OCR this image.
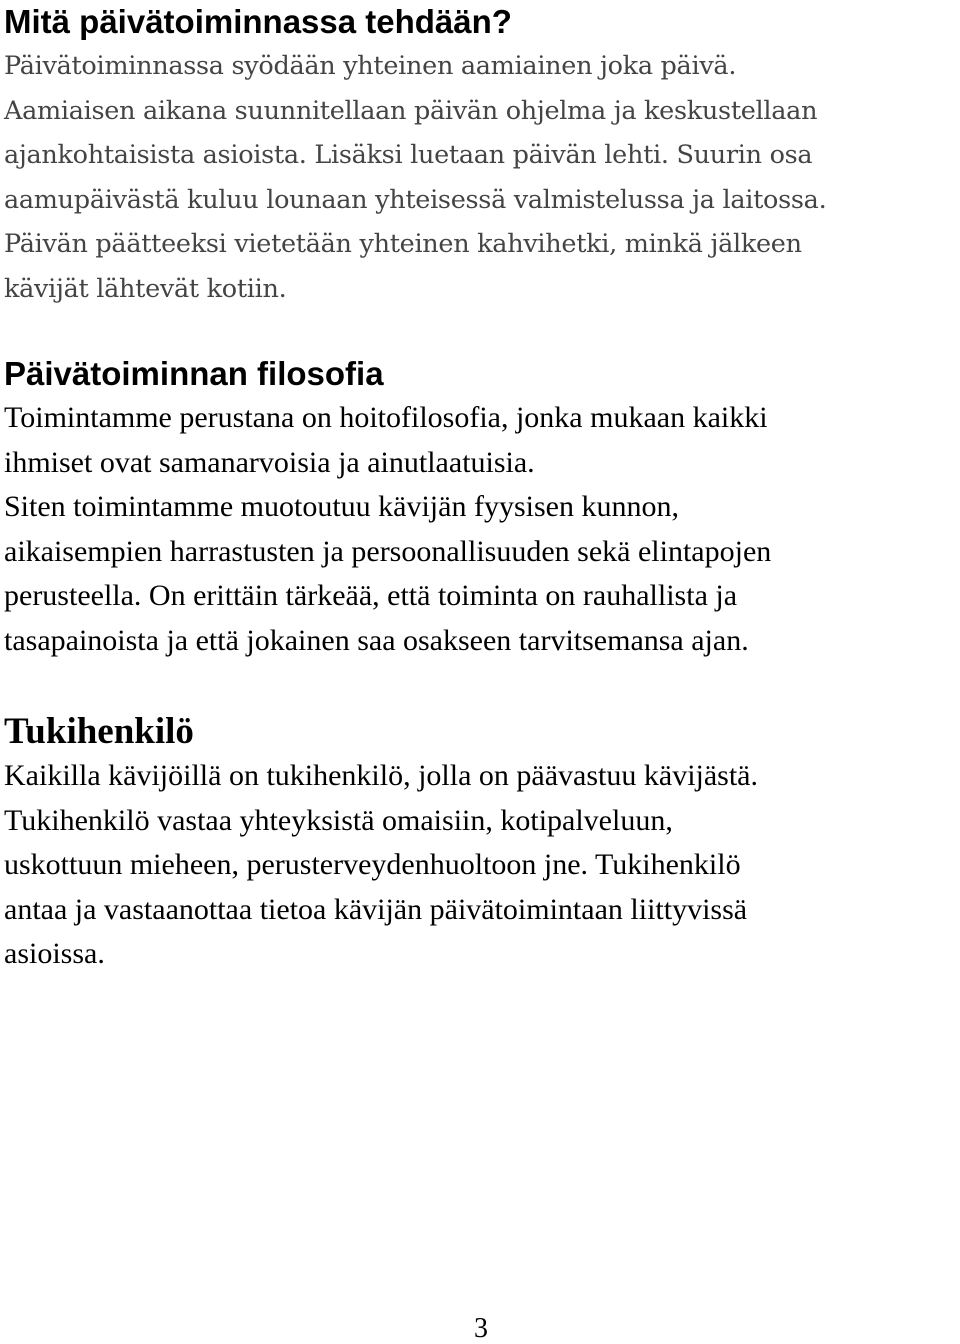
Mitä päivätoiminnassa tehdään?

Päivätoiminnassa syödään yhteinen aamiainen joka päivä.
Aamiaisen aikana suunnitellaan päivän ohjelma ja keskustellaan
ajankohtaisista asioista. Lisäksi luetaan päivän lehti. Suurin osa
aamupäivästä kuluu lounaan yhteisessä valmistelussa ja laitossa.
Päivän päätteeksi vietetään yhteinen kahvihetki, minkä jälkeen
kävijät lähtevät kotiin.

Päivätoiminnan filosofia

Toimintamme perustana on hoitofilosofia, jonka mukaan kaikki
ihmiset ovat samanarvoisia ja ainutlaatuisia.
Siten toimintamme muotoutuu kävijän fyysisen kunnon,
aikaisempien harrastusten ja persoonallisuuden sekä elintapojen
perusteella. On erittäin tärkeää, että toiminta on rauhallista ja
tasapainoista ja että jokainen saa osakseen tarvitsemansa ajan.

Tukihenkilö

Kaikilla kävijöillä on tukihenkilö, jolla on päävastuu kävijästä.
Tukihenkilö vastaa yhteyksistä omaisiin, kotipalveluun,
uskottuun mieheen, perusterveydenhuoltoon jne. Tukihenkilö
antaa ja vastaanottaa tietoa kävijän päivätoimintaan liittyvissä
asioissa.

3
